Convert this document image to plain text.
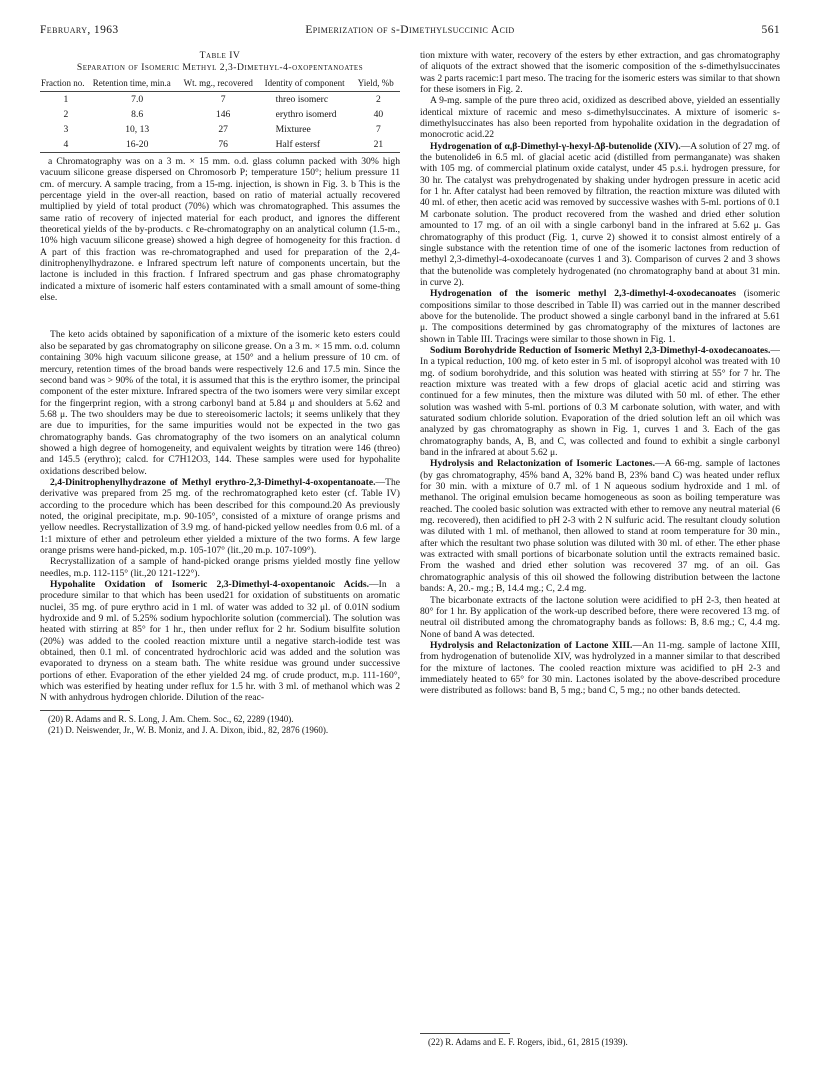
February, 1963	Epimerization of s-Dimethylsuccinic Acid	561
Table IV
Separation of Isomeric Methyl 2,3-Dimethyl-4-oxopentanoates
Fraction no.	Retention time, min.a	Wt. mg., recovered	Identity of component	Yield, %b
1	7.0	7	threo isomerc	2
2	8.6	146	erythro isomerd	40
3	10, 13	27	Mixturee	7
4	16-20	76	Half estersf	21

a Chromatography was on a 3 m. × 15 mm. o.d. glass column packed with 30% high vacuum silicone grease dispersed on Chromosorb P; temperature 150°; helium pressure 11 cm. of mercury. A sample tracing, from a 15-mg. injection, is shown in Fig. 3. b This is the percentage yield in the over-all reaction, based on ratio of material actually recovered multiplied by yield of total product (70%) which was chromatographed. This assumes the same ratio of recovery of injected material for each product, and ignores the different theoretical yields of the by-products. c Re-chromatography on an analytical column (1.5-m., 10% high vacuum silicone grease) showed a high degree of homogeneity for this fraction. d A part of this fraction was re-chromatographed and used for preparation of the 2,4-dinitrophenylhydrazone. e Infrared spectrum left nature of components uncertain, but the lactone is included in this fraction. f Infrared spectrum and gas phase chromatography indicated a mixture of isomeric half esters contaminated with a small amount of some-thing else.

The keto acids obtained by saponification of a mixture of the isomeric keto esters could also be separated by gas chromatography on silicone grease. On a 3 m. × 15 mm. o.d. column containing 30% high vacuum silicone grease, at 150° and a helium pressure of 10 cm. of mercury, retention times of the broad bands were respectively 12.6 and 17.5 min. Since the second band was > 90% of the total, it is assumed that this is the erythro isomer, the principal component of the ester mixture. Infrared spectra of the two isomers were very similar except for the fingerprint region, with a strong carbonyl band at 5.84 μ and shoulders at 5.62 and 5.68 μ. The two shoulders may be due to stereoisomeric lactols; it seems unlikely that they are due to impurities, for the same impurities would not be expected in the two gas chromatography bands. Gas chromatography of the two isomers on an analytical column showed a high degree of homogeneity, and equivalent weights by titration were 146 (threo) and 145.5 (erythro); calcd. for C7H12O3, 144. These samples were used for hypohalite oxidations described below.

2,4-Dinitrophenylhydrazone of Methyl erythro-2,3-Dimethyl-4-oxopentanoate.—The derivative was prepared from 25 mg. of the rechromatographed keto ester (cf. Table IV) according to the procedure which has been described for this compound.20 As previously noted, the original precipitate, m.p. 90-105°, consisted of a mixture of orange prisms and yellow needles. Recrystallization of 3.9 mg. of hand-picked yellow needles from 0.6 ml. of a 1:1 mixture of ether and petroleum ether yielded a mixture of the two forms. A few large orange prisms were hand-picked, m.p. 105-107° (lit.,20 m.p. 107-109°).

Recrystallization of a sample of hand-picked orange prisms yielded mostly fine yellow needles, m.p. 112-115° (lit.,20 121-122°).

Hypohalite Oxidation of Isomeric 2,3-Dimethyl-4-oxopentanoic Acids.—In a procedure similar to that which has been used21 for oxidation of substituents on aromatic nuclei, 35 mg. of pure erythro acid in 1 ml. of water was added to 32 μl. of 0.01N sodium hydroxide and 9 ml. of 5.25% sodium hypochlorite solution (commercial). The solution was heated with stirring at 85° for 1 hr., then under reflux for 2 hr. Sodium bisulfite solution (20%) was added to the cooled reaction mixture until a negative starch-iodide test was obtained, then 0.1 ml. of concentrated hydrochloric acid was added and the solution was evaporated to dryness on a steam bath. The white residue was ground under successive portions of ether. Evaporation of the ether yielded 24 mg. of crude product, m.p. 111-160°, which was esterified by heating under reflux for 1.5 hr. with 3 ml. of methanol which was 2 N with anhydrous hydrogen chloride. Dilution of the reac-

(20) R. Adams and R. S. Long, J. Am. Chem. Soc., 62, 2289 (1940).

(21) D. Neiswender, Jr., W. B. Moniz, and J. A. Dixon, ibid., 82, 2876 (1960).

tion mixture with water, recovery of the esters by ether extraction, and gas chromatography of aliquots of the extract showed that the isomeric composition of the s-dimethylsuccinates was 2 parts racemic:1 part meso. The tracing for the isomeric esters was similar to that shown for these isomers in Fig. 2.

A 9-mg. sample of the pure threo acid, oxidized as described above, yielded an essentially identical mixture of racemic and meso s-dimethylsuccinates. A mixture of isomeric s-dimethylsuccinates has also been reported from hypohalite oxidation in the degradation of monocrotic acid.22

Hydrogenation of α,β-Dimethyl-γ-hexyl-Δβ-butenolide (XIV).—A solution of 27 mg. of the butenolide6 in 6.5 ml. of glacial acetic acid (distilled from permanganate) was shaken with 105 mg. of commercial platinum oxide catalyst, under 45 p.s.i. hydrogen pressure, for 30 hr. The catalyst was prehydrogenated by shaking under hydrogen pressure in acetic acid for 1 hr. After catalyst had been removed by filtration, the reaction mixture was diluted with 40 ml. of ether, then acetic acid was removed by successive washes with 5-ml. portions of 0.1 M carbonate solution. The product recovered from the washed and dried ether solution amounted to 17 mg. of an oil with a single carbonyl band in the infrared at 5.62 μ. Gas chromatography of this product (Fig. 1, curve 2) showed it to consist almost entirely of a single substance with the retention time of one of the isomeric lactones from reduction of methyl 2,3-dimethyl-4-oxodecanoate (curves 1 and 3). Comparison of curves 2 and 3 shows that the butenolide was completely hydrogenated (no chromatography band at about 31 min. in curve 2).

Hydrogenation of the isomeric methyl 2,3-dimethyl-4-oxodecanoates (isomeric compositions similar to those described in Table II) was carried out in the manner described above for the butenolide. The product showed a single carbonyl band in the infrared at 5.61 μ. The compositions determined by gas chromatography of the mixtures of lactones are shown in Table III. Tracings were similar to those shown in Fig. 1.

Sodium Borohydride Reduction of Isomeric Methyl 2,3-Dimethyl-4-oxodecanoates.—In a typical reduction, 100 mg. of keto ester in 5 ml. of isopropyl alcohol was treated with 10 mg. of sodium borohydride, and this solution was heated with stirring at 55° for 7 hr. The reaction mixture was treated with a few drops of glacial acetic acid and stirring was continued for a few minutes, then the mixture was diluted with 50 ml. of ether. The ether solution was washed with 5-ml. portions of 0.3 M carbonate solution, with water, and with saturated sodium chloride solution. Evaporation of the dried solution left an oil which was analyzed by gas chromatography as shown in Fig. 1, curves 1 and 3. Each of the gas chromatography bands, A, B, and C, was collected and found to exhibit a single carbonyl band in the infrared at about 5.62 μ.

Hydrolysis and Relactonization of Isomeric Lactones.—A 66-mg. sample of lactones (by gas chromatography, 45% band A, 32% band B, 23% band C) was heated under reflux for 30 min. with a mixture of 0.7 ml. of 1 N aqueous sodium hydroxide and 1 ml. of methanol. The original emulsion became homogeneous as soon as boiling temperature was reached. The cooled basic solution was extracted with ether to remove any neutral material (6 mg. recovered), then acidified to pH 2-3 with 2 N sulfuric acid. The resultant cloudy solution was diluted with 1 ml. of methanol, then allowed to stand at room temperature for 30 min., after which the resultant two phase solution was diluted with 30 ml. of ether. The ether phase was extracted with small portions of bicarbonate solution until the extracts remained basic. From the washed and dried ether solution was recovered 37 mg. of an oil. Gas chromatographic analysis of this oil showed the following distribution between the lactone bands: A, 20.- mg.; B, 14.4 mg.; C, 2.4 mg.

The bicarbonate extracts of the lactone solution were acidified to pH 2-3, then heated at 80° for 1 hr. By application of the work-up described before, there were recovered 13 mg. of neutral oil distributed among the chromatography bands as follows: B, 8.6 mg.; C, 4.4 mg. None of band A was detected.

Hydrolysis and Relactonization of Lactone XIII.—An 11-mg. sample of lactone XIII, from hydrogenation of butenolide XIV, was hydrolyzed in a manner similar to that described for the mixture of lactones. The cooled reaction mixture was acidified to pH 2-3 and immediately heated to 65° for 30 min. Lactones isolated by the above-described procedure were distributed as follows: band B, 5 mg.; band C, 5 mg.; no other bands detected.

(22) R. Adams and E. F. Rogers, ibid., 61, 2815 (1939).
